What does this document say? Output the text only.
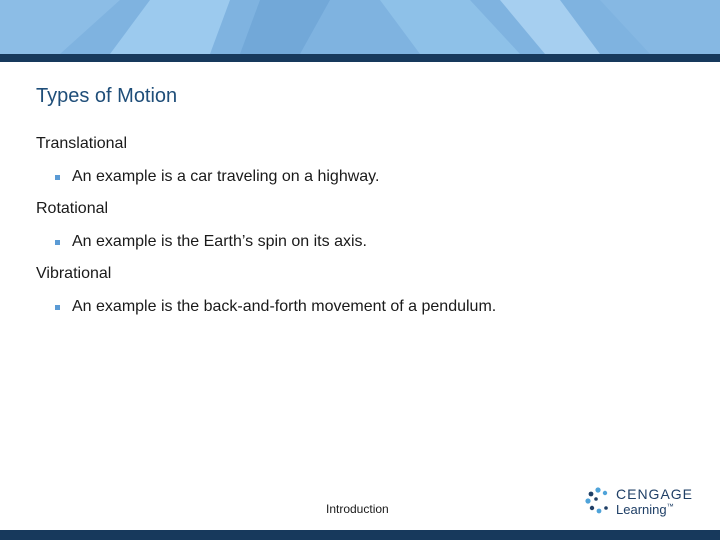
Types of Motion
Translational
An example is a car traveling on a highway.
Rotational
An example is the Earth’s spin on its axis.
Vibrational
An example is the back-and-forth movement of a pendulum.
Introduction
CENGAGE
Learning™
